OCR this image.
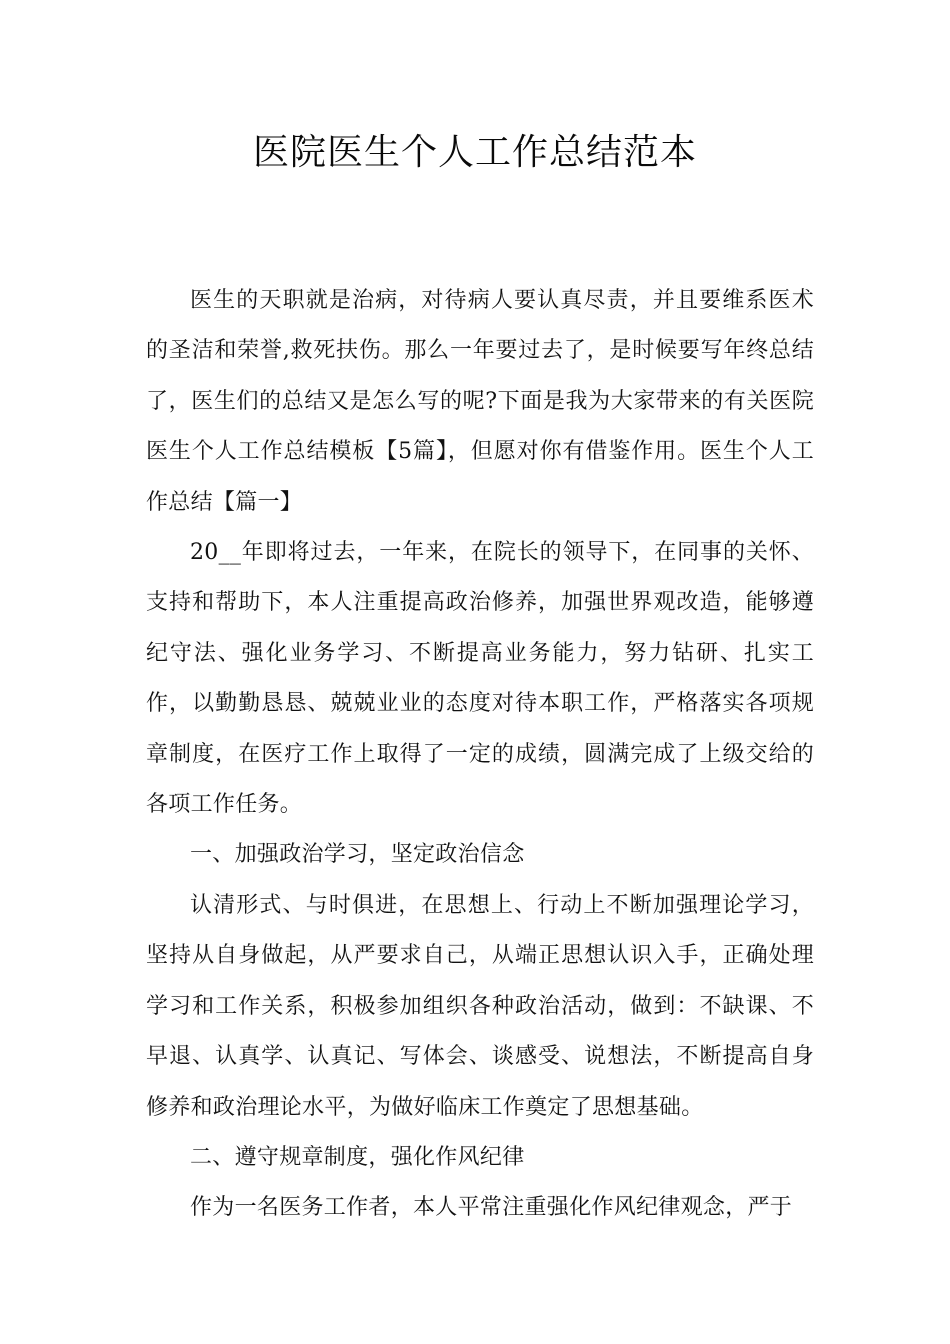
医院医生个人工作总结范本

医生的天职就是治病，对待病人要认真尽责，并且要维系医术的圣洁和荣誉,救死扶伤。那么一年要过去了，是时候要写年终总结了，医生们的总结又是怎么写的呢?下面是我为大家带来的有关医院医生个人工作总结模板【5篇】，但愿对你有借鉴作用。医生个人工作总结【篇一】

20__年即将过去，一年来，在院长的领导下，在同事的关怀、支持和帮助下，本人注重提高政治修养，加强世界观改造，能够遵纪守法、强化业务学习、不断提高业务能力，努力钻研、扎实工作，以勤勤恳恳、兢兢业业的态度对待本职工作，严格落实各项规章制度，在医疗工作上取得了一定的成绩，圆满完成了上级交给的各项工作任务。

一、加强政治学习，坚定政治信念

认清形式、与时俱进，在思想上、行动上不断加强理论学习，坚持从自身做起，从严要求自己，从端正思想认识入手，正确处理学习和工作关系，积极参加组织各种政治活动，做到：不缺课、不早退、认真学、认真记、写体会、谈感受、说想法，不断提高自身修养和政治理论水平，为做好临床工作奠定了思想基础。

二、遵守规章制度，强化作风纪律

作为一名医务工作者，本人平常注重强化作风纪律观念，严于
